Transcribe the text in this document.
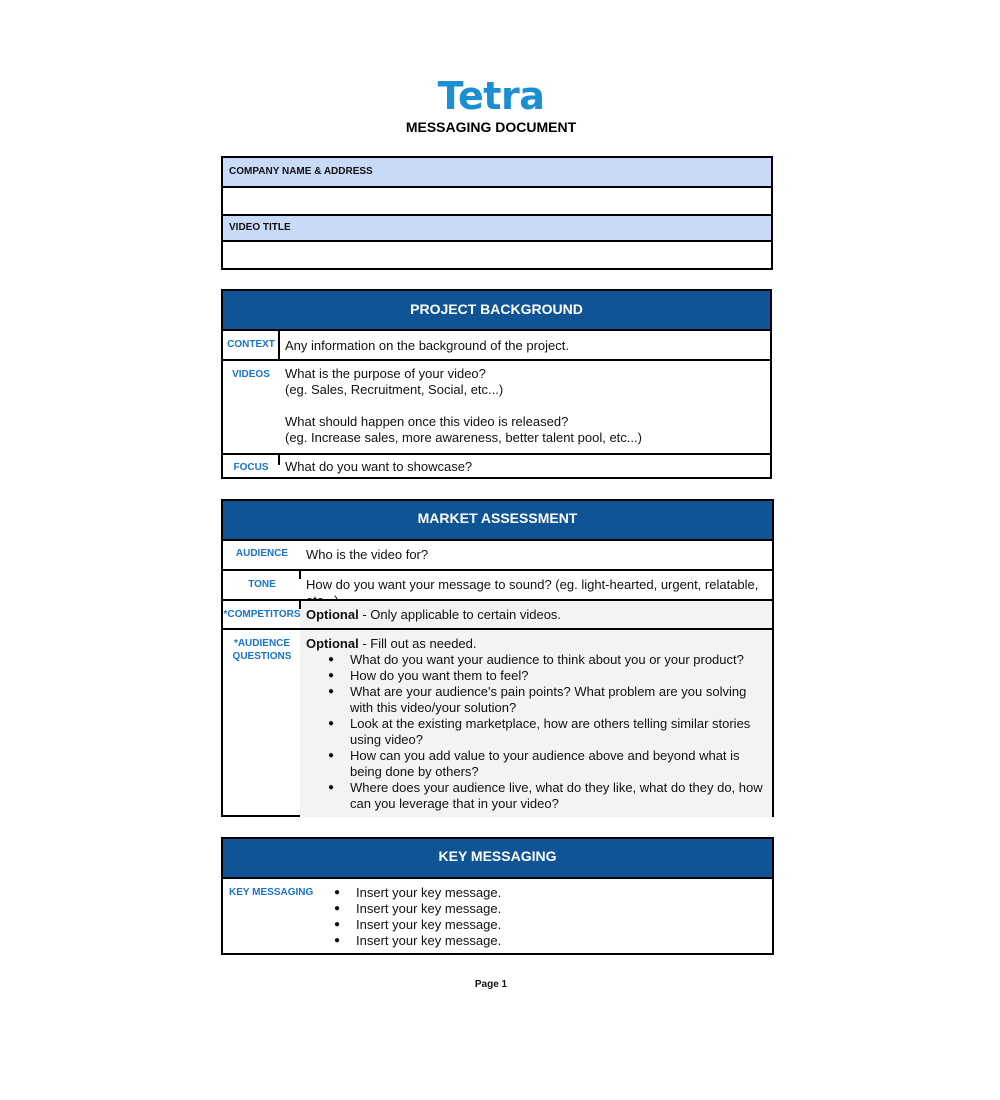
Tetra
MESSAGING DOCUMENT
COMPANY NAME & ADDRESS
VIDEO TITLE
PROJECT BACKGROUND
CONTEXT Any information on the background of the project.
VIDEOS	What is the purpose of your video?
(eg. Sales, Recruitment, Social, etc...)
What should happen once this video is released?
(eg. Increase sales, more awareness, better talent pool, etc...)
FOCUS	What do you want to showcase?
MARKET ASSESSMENT
AUDIENCE	Who is the video for?
TONE	How do you want your message to sound? (eg. light-hearted, urgent, relatable,
*COMPETITORS Optional - Only applicable to certain videos.
*AUDIENCE
QUESTIONS
Optional - Fill out as needed.
● What do you want your audience to think about you or your product?
● How do you want them to feel?
● What are your audience's pain points? What problem are you solving with this video/your solution?
● Look at the existing marketplace, how are others telling similar stories using video?
● How can you add value to your audience above and beyond what is being done by others?
● Where does your audience live, what do they like, what do they do, how can you leverage that in your video?
KEY MESSAGING
KEY MESSAGING
●	Insert your key message.
● Insert your key message.
● Insert your key message.
● Insert your key message.
Page 1
